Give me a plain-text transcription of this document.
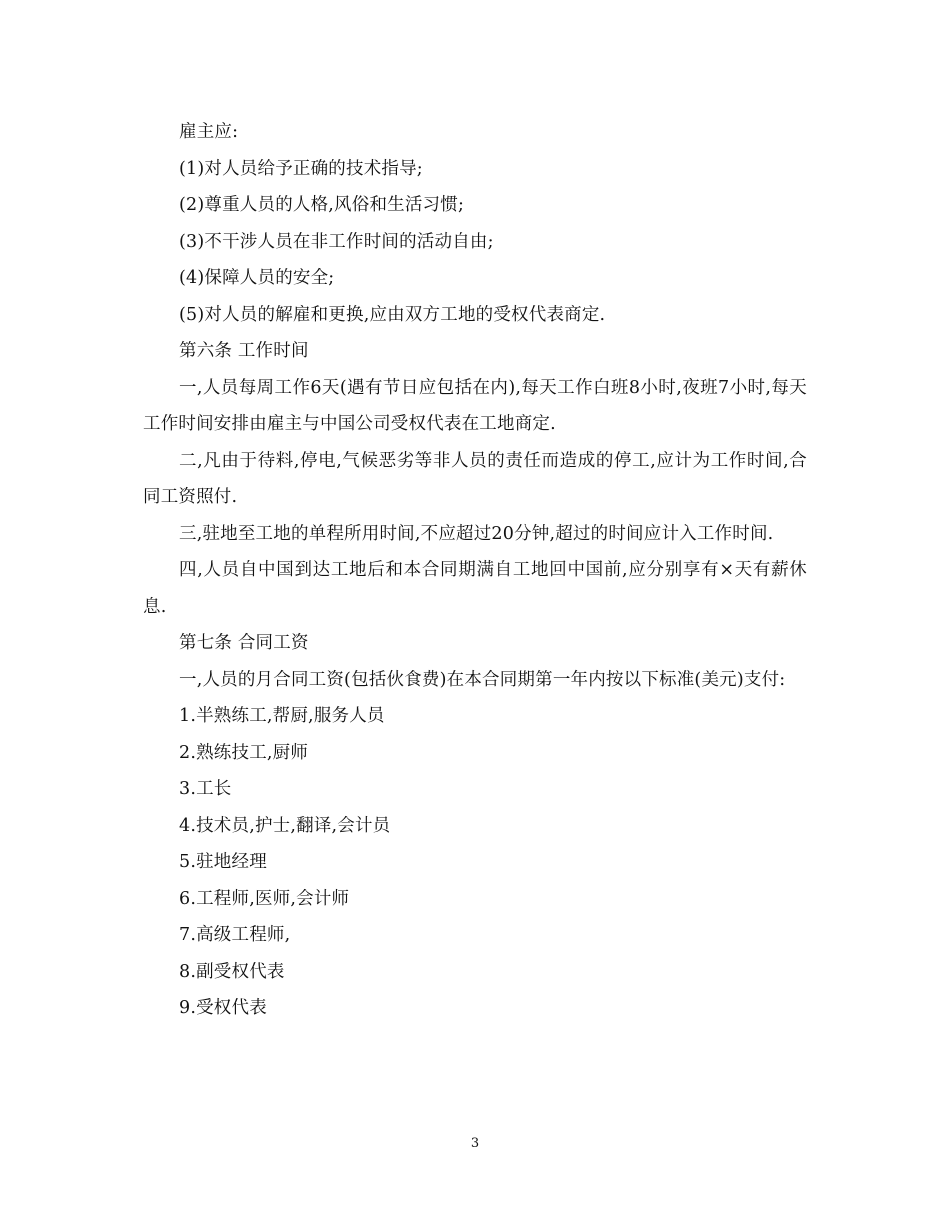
雇主应:
(1)对人员给予正确的技术指导;
(2)尊重人员的人格,风俗和生活习惯;
(3)不干涉人员在非工作时间的活动自由;
(4)保障人员的安全;
(5)对人员的解雇和更换,应由双方工地的受权代表商定.
第六条 工作时间
一,人员每周工作6天(遇有节日应包括在内),每天工作白班8小时,夜班7小时,每天工作时间安排由雇主与中国公司受权代表在工地商定.
二,凡由于待料,停电,气候恶劣等非人员的责任而造成的停工,应计为工作时间,合同工资照付.
三,驻地至工地的单程所用时间,不应超过20分钟,超过的时间应计入工作时间.
四,人员自中国到达工地后和本合同期满自工地回中国前,应分别享有×天有薪休息.
第七条 合同工资
一,人员的月合同工资(包括伙食费)在本合同期第一年内按以下标准(美元)支付:
1.半熟练工,帮厨,服务人员
2.熟练技工,厨师
3.工长
4.技术员,护士,翻译,会计员
5.驻地经理
6.工程师,医师,会计师
7.高级工程师,
8.副受权代表
9.受权代表
3
